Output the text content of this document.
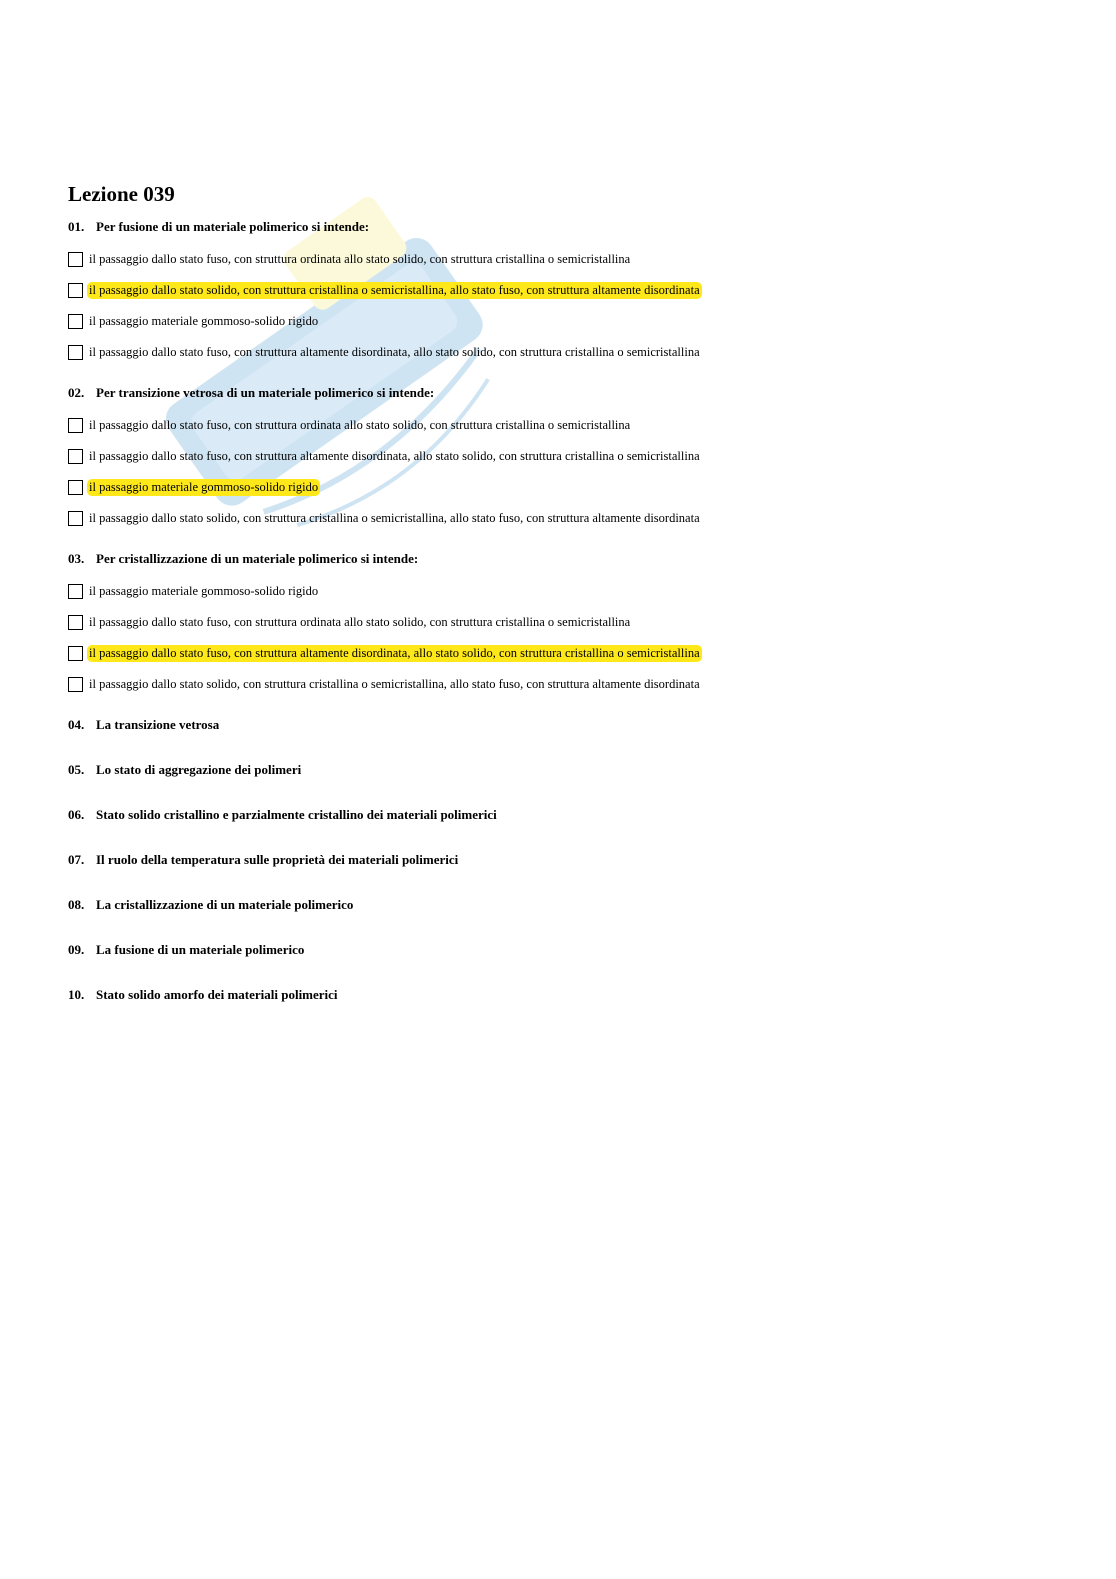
Lezione 039
01. Per fusione di un materiale polimerico si intende:
il passaggio dallo stato fuso, con struttura ordinata allo stato solido, con struttura cristallina o semicristallina
il passaggio dallo stato solido, con struttura cristallina o semicristallina, allo stato fuso, con struttura altamente disordinata
il passaggio materiale gommoso-solido rigido
il passaggio dallo stato fuso, con struttura altamente disordinata, allo stato solido, con struttura cristallina o semicristallina
02. Per transizione vetrosa di un materiale polimerico si intende:
il passaggio dallo stato fuso, con struttura ordinata allo stato solido, con struttura cristallina o semicristallina
il passaggio dallo stato fuso, con struttura altamente disordinata, allo stato solido, con struttura cristallina o semicristallina
il passaggio materiale gommoso-solido rigido
il passaggio dallo stato solido, con struttura cristallina o semicristallina, allo stato fuso, con struttura altamente disordinata
03. Per cristallizzazione di un materiale polimerico si intende:
il passaggio materiale gommoso-solido rigido
il passaggio dallo stato fuso, con struttura ordinata allo stato solido, con struttura cristallina o semicristallina
il passaggio dallo stato fuso, con struttura altamente disordinata, allo stato solido, con struttura cristallina o semicristallina
il passaggio dallo stato solido, con struttura cristallina o semicristallina, allo stato fuso, con struttura altamente disordinata
04. La transizione vetrosa
05. Lo stato di aggregazione dei polimeri
06. Stato solido cristallino e parzialmente cristallino dei materiali polimerici
07. Il ruolo della temperatura sulle proprietà dei materiali polimerici
08. La cristallizzazione di un materiale polimerico
09. La fusione di un materiale polimerico
10. Stato solido amorfo dei materiali polimerici
